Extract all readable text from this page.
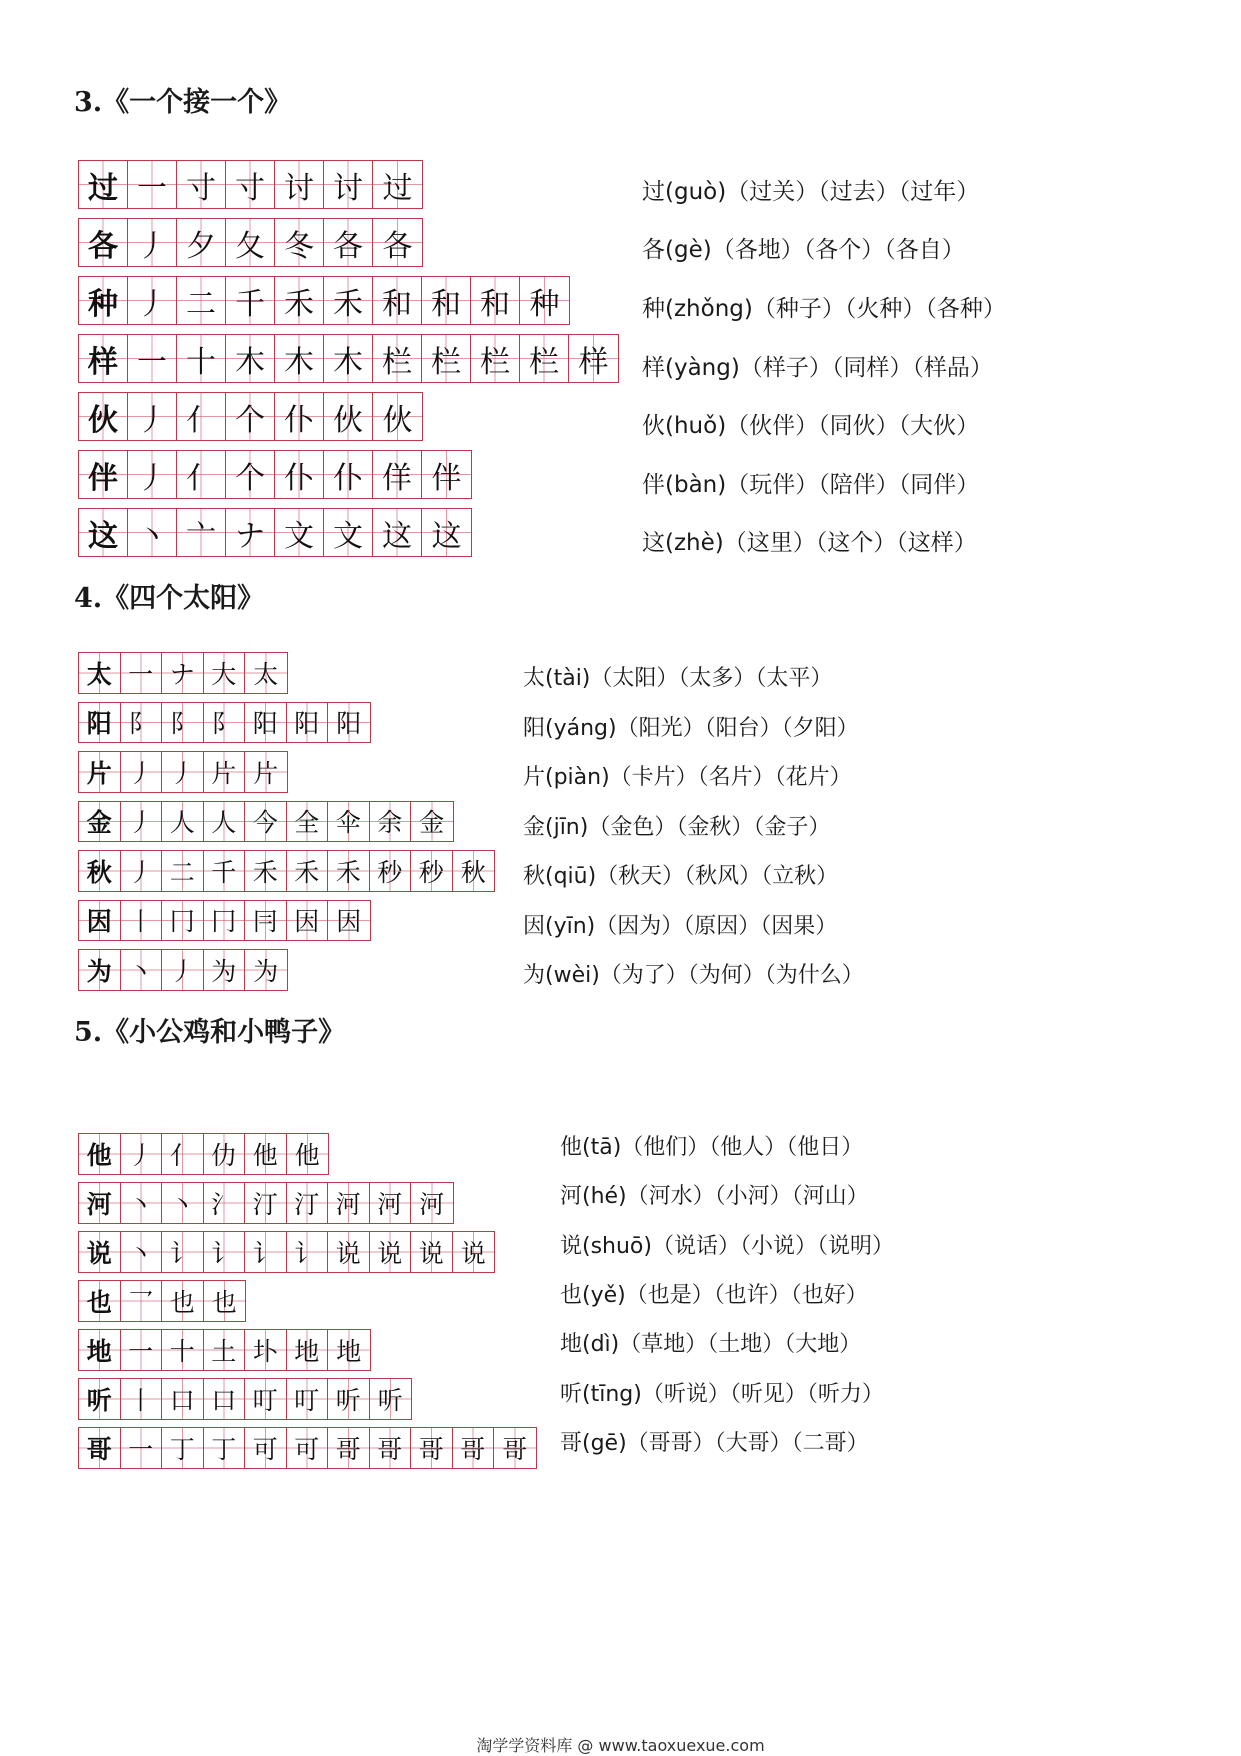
3.《一个接一个》
过 一 寸 寸 讨 讨 过
各 丿 夕 夂 冬 各 各
种 丿 二 千 禾 禾 和 和 和 种
样 一 十 木 木 木 栏 栏 栏 栏 样
伙 丿 亻 个 仆 伙 伙
伴 丿 亻 个 仆 仆 佯 伴
这 丶 亠 ナ 文 文 这 这
过(guò)（过关）（过去）（过年）
各(gè)（各地）（各个）（各自）
种(zhǒng)（种子）（火种）（各种）
样(yàng)（样子）（同样）（样品）
伙(huǒ)（伙伴）（同伙）（大伙）
伴(bàn)（玩伴）（陪伴）（同伴）
这(zhè)（这里）（这个）（这样）
4.《四个太阳》
太 一 ナ 大 太
阳 阝 阝 阝 阳 阳 阳
片 丿 丿 片 片
金 丿 人 人 今 全 伞 余 金
秋 丿 二 千 禾 禾 禾 秒 秒 秋
因 丨 冂 冂 冃 因 因
为 丶 丿 为 为
太(tài)（太阳）（太多）（太平）
阳(yáng)（阳光）（阳台）（夕阳）
片(piàn)（卡片）（名片）（花片）
金(jīn)（金色）（金秋）（金子）
秋(qiū)（秋天）（秋风）（立秋）
因(yīn)（因为）（原因）（因果）
为(wèi)（为了）（为何）（为什么）
5.《小公鸡和小鸭子》
他 丿 亻 仂 他 他
河 丶 丶 氵 汀 汀 河 河 河
说 丶 讠 讠 讠 讠 说 说 说 说
也 乛 也 也
地 一 十 土 圤 地 地
听 丨 口 口 叮 叮 听 听
哥 一 丁 丁 可 可 哥 哥 哥 哥 哥
他(tā)（他们）（他人）（他日）
河(hé)（河水）（小河）（河山）
说(shuō)（说话）（小说）（说明）
也(yě)（也是）（也许）（也好）
地(dì)（草地）（土地）（大地）
听(tīng)（听说）（听见）（听力）
哥(gē)（哥哥）（大哥）（二哥）
淘学学资料库 @ www.taoxuexue.com
